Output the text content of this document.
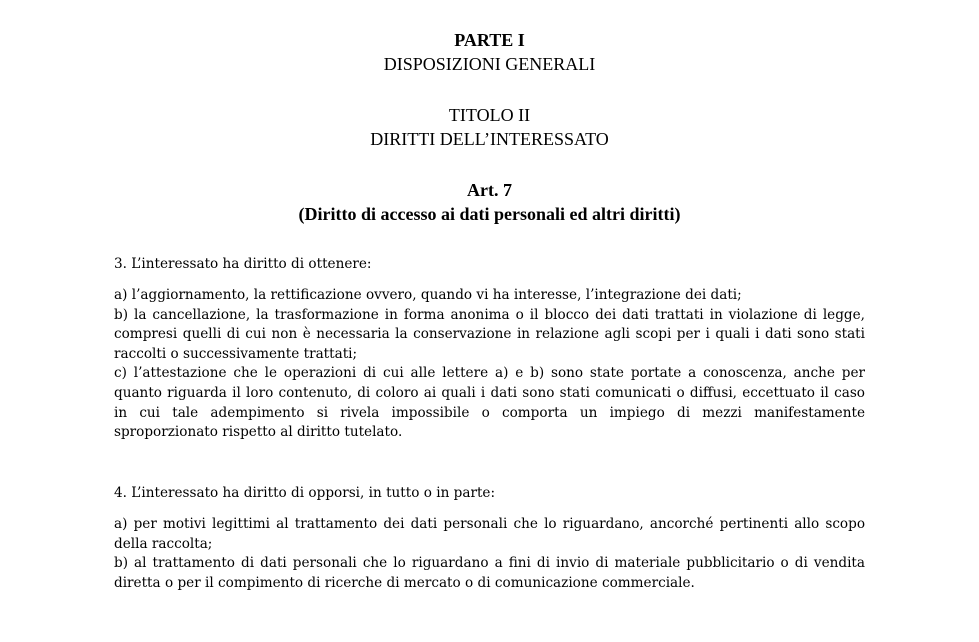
PARTE I
DISPOSIZIONI GENERALI
TITOLO II
DIRITTI DELL’INTERESSATO
Art. 7
(Diritto di accesso ai dati personali ed altri diritti)

3. L’interessato ha diritto di ottenere:

a) l’aggiornamento, la rettificazione ovvero, quando vi ha interesse, l’integrazione dei dati;

b) la cancellazione, la trasformazione in forma anonima o il blocco dei dati trattati in violazione di legge, compresi quelli di cui non è necessaria la conservazione in relazione agli scopi per i quali i dati sono stati raccolti o successivamente trattati;

c) l’attestazione che le operazioni di cui alle lettere a) e b) sono state portate a conoscenza, anche per quanto riguarda il loro contenuto, di coloro ai quali i dati sono stati comunicati o diffusi, eccettuato il caso in cui tale adempimento si rivela impossibile o comporta un impiego di mezzi manifestamente sproporzionato rispetto al diritto tutelato.

4. L’interessato ha diritto di opporsi, in tutto o in parte:

a) per motivi legittimi al trattamento dei dati personali che lo riguardano, ancorché pertinenti allo scopo della raccolta;

b) al trattamento di dati personali che lo riguardano a fini di invio di materiale pubblicitario o di vendita diretta o per il compimento di ricerche di mercato o di comunicazione commerciale.
